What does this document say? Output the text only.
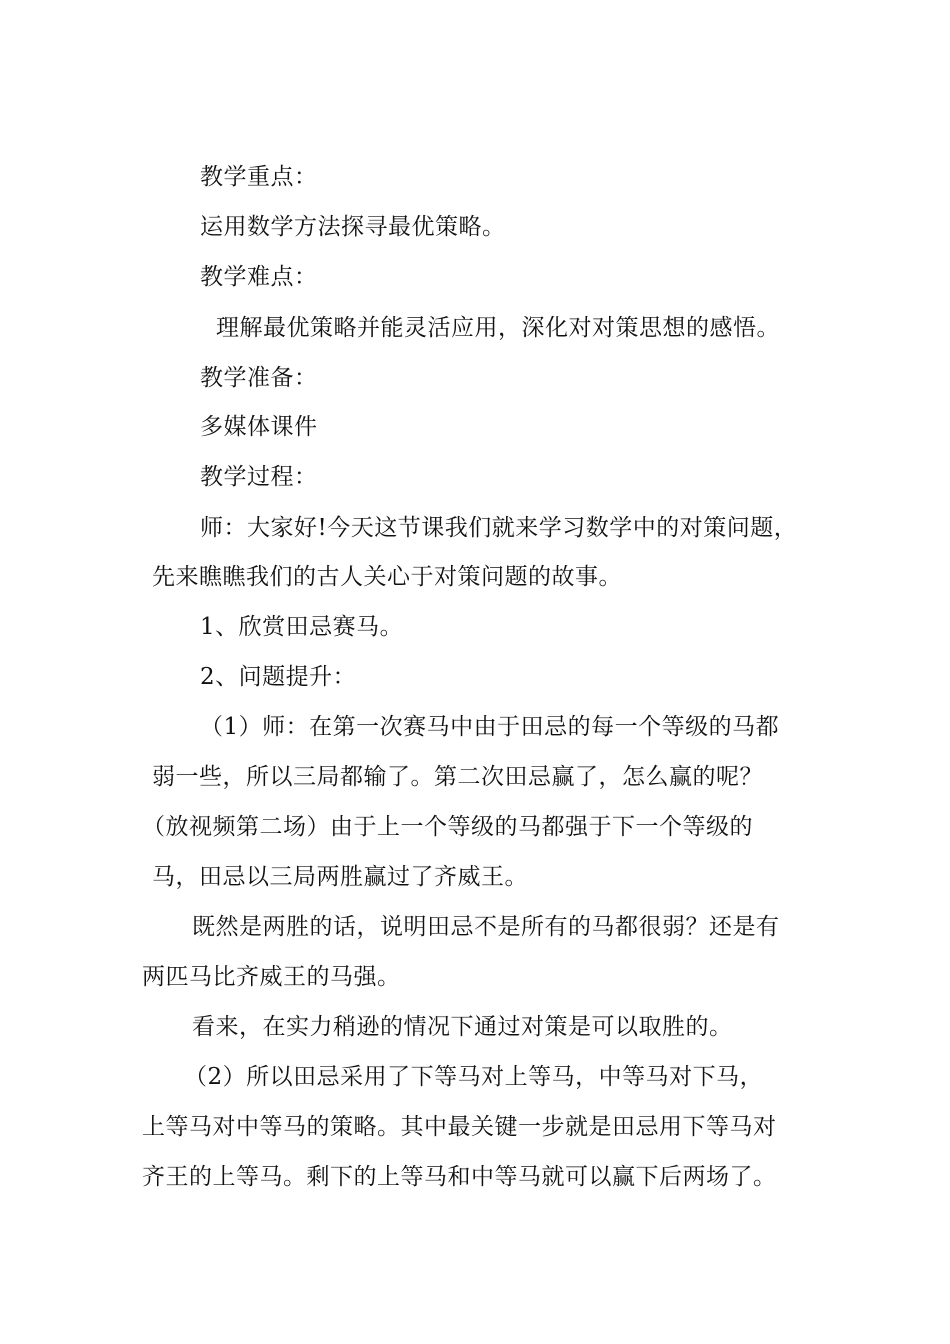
教学重点：
运用数学方法探寻最优策略。
教学难点：
理解最优策略并能灵活应用，深化对对策思想的感悟。
教学准备：
多媒体课件
教学过程：
师：大家好!今天这节课我们就来学习数学中的对策问题，
先来瞧瞧我们的古人关心于对策问题的故事。
1、欣赏田忌赛马。
2、问题提升：
（1）师：在第一次赛马中由于田忌的每一个等级的马都
弱一些，所以三局都输了。第二次田忌赢了，怎么赢的呢？
（放视频第二场）由于上一个等级的马都强于下一个等级的
马，田忌以三局两胜赢过了齐威王。
既然是两胜的话，说明田忌不是所有的马都很弱？还是有
两匹马比齐威王的马强。
看来，在实力稍逊的情况下通过对策是可以取胜的。
（2）所以田忌采用了下等马对上等马，中等马对下马，
上等马对中等马的策略。其中最关键一步就是田忌用下等马对
齐王的上等马。剩下的上等马和中等马就可以赢下后两场了。
